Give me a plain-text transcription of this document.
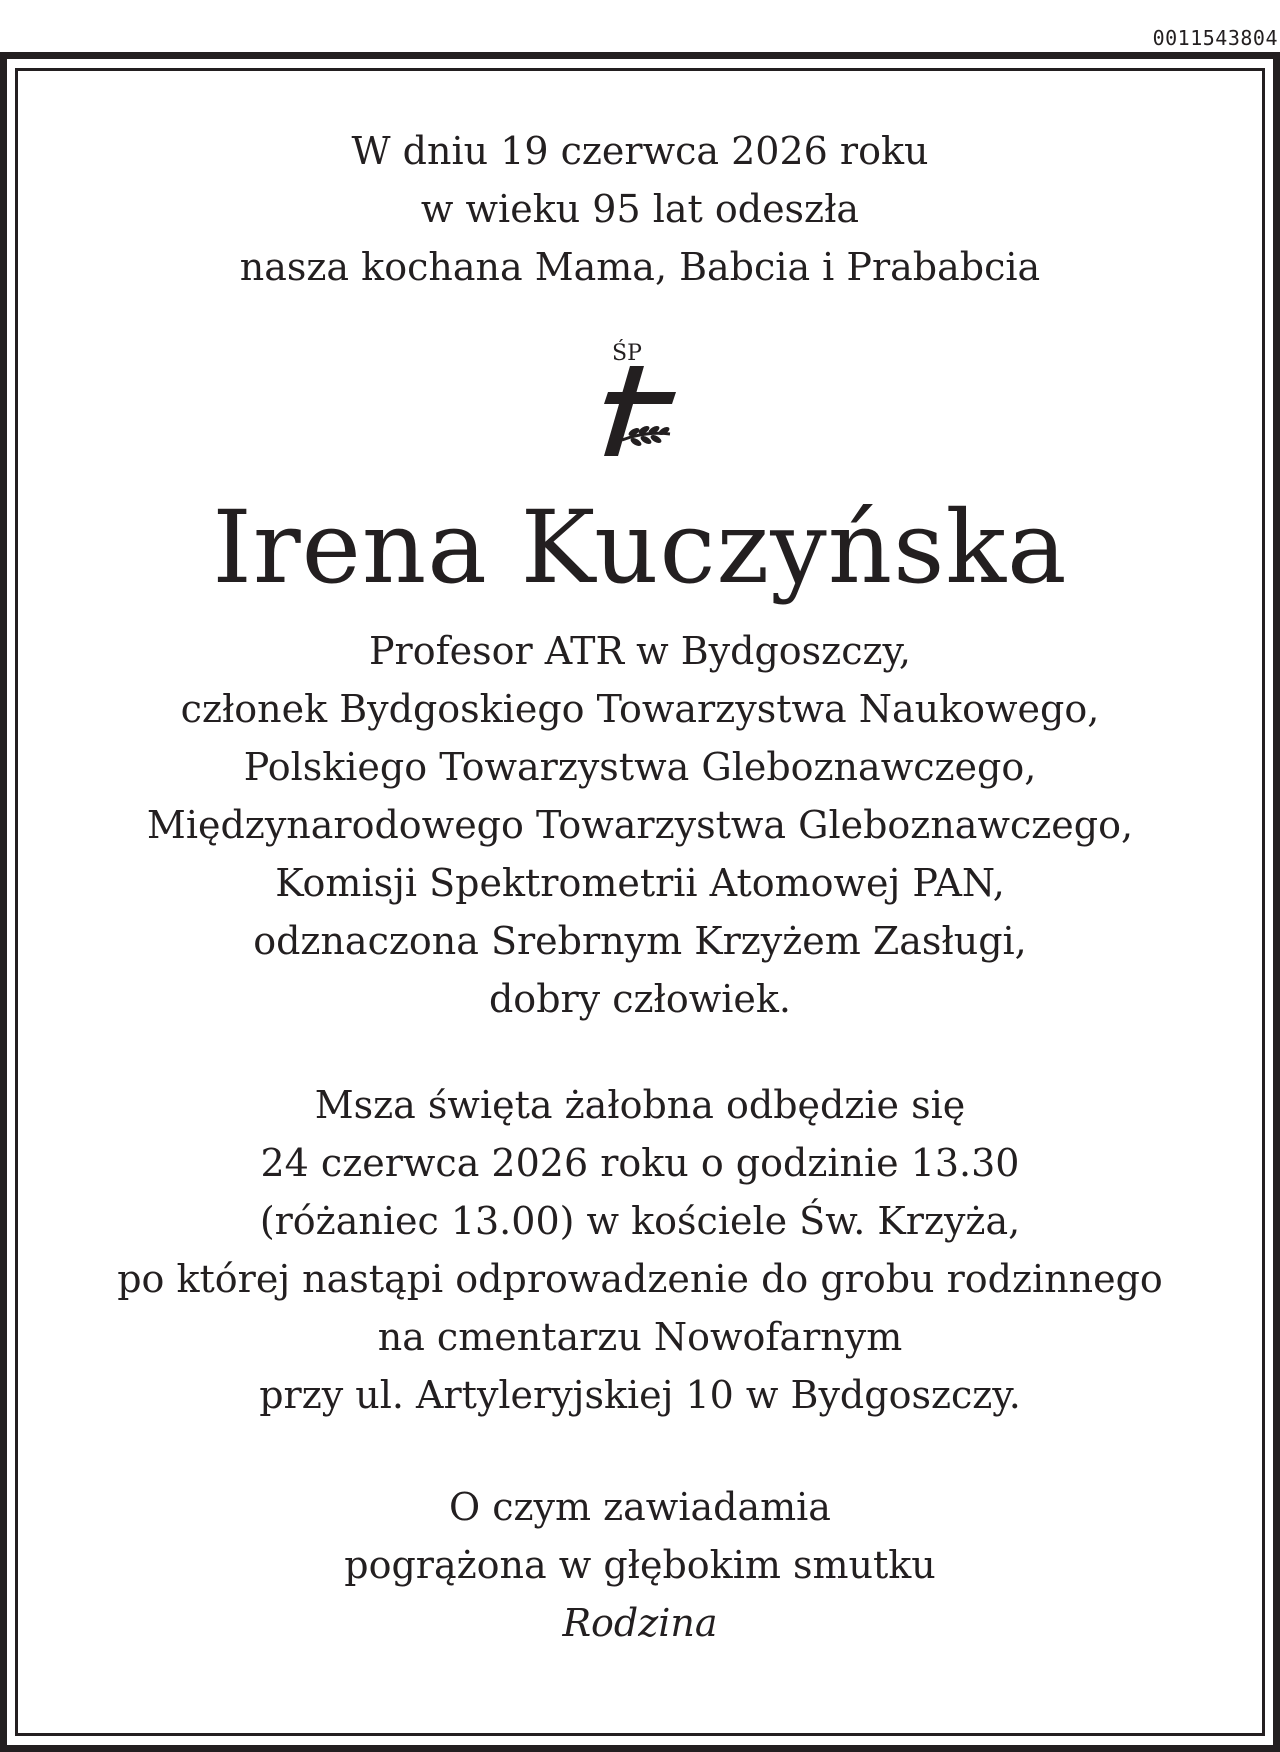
0011543804
W dniu 19 czerwca 2026 roku
w wieku 95 lat odeszła
nasza kochana Mama, Babcia i Prababcia
ŚP
Irena Kuczyńska
Profesor ATR w Bydgoszczy,
członek Bydgoskiego Towarzystwa Naukowego,
Polskiego Towarzystwa Gleboznawczego,
Międzynarodowego Towarzystwa Gleboznawczego,
Komisji Spektrometrii Atomowej PAN,
odznaczona Srebrnym Krzyżem Zasługi,
dobry człowiek.
Msza święta żałobna odbędzie się
24 czerwca 2026 roku o godzinie 13.30
(różaniec 13.00) w kościele Św. Krzyża,
po której nastąpi odprowadzenie do grobu rodzinnego
na cmentarzu Nowofarnym
przy ul. Artyleryjskiej 10 w Bydgoszczy.
O czym zawiadamia
pogrążona w głębokim smutku
Rodzina
